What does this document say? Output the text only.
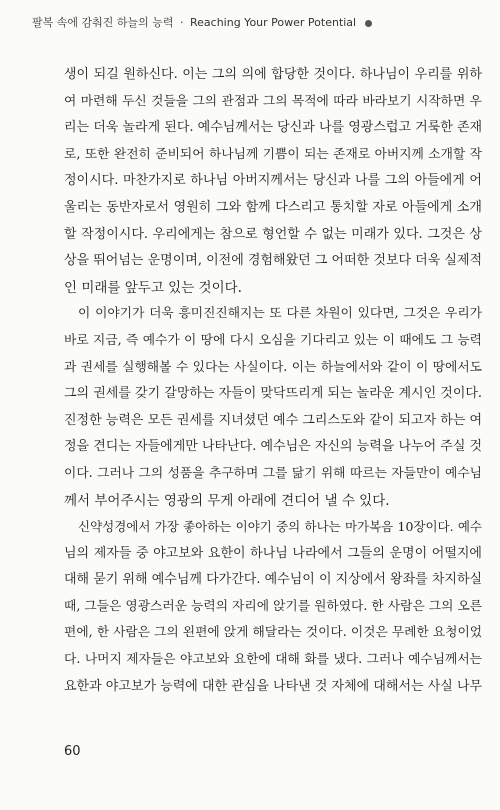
팔복 속에 감춰진 하늘의 능력 · Reaching Your Power Potential
생이 되길 원하신다. 이는 그의 의에 합당한 것이다. 하나님이 우리를 위하
여 마련해 두신 것들을 그의 관점과 그의 목적에 따라 바라보기 시작하면 우
리는 더욱 놀라게 된다. 예수님께서는 당신과 나를 영광스럽고 거룩한 존재
로, 또한 완전히 준비되어 하나님께 기쁨이 되는 존재로 아버지께 소개할 작
정이시다. 마찬가지로 하나님 아버지께서는 당신과 나를 그의 아들에게 어
울리는 동반자로서 영원히 그와 함께 다스리고 통치할 자로 아들에게 소개
할 작정이시다. 우리에게는 참으로 형언할 수 없는 미래가 있다. 그것은 상
상을 뛰어넘는 운명이며, 이전에 경험해왔던 그 어떠한 것보다 더욱 실제적
인 미래를 앞두고 있는 것이다.
이 이야기가 더욱 흥미진진해지는 또 다른 차원이 있다면, 그것은 우리가
바로 지금, 즉 예수가 이 땅에 다시 오심을 기다리고 있는 이 때에도 그 능력
과 권세를 실행해볼 수 있다는 사실이다. 이는 하늘에서와 같이 이 땅에서도
그의 권세를 갖기 갈망하는 자들이 맞닥뜨리게 되는 놀라운 계시인 것이다.
진정한 능력은 모든 권세를 지녀셨던 예수 그리스도와 같이 되고자 하는 여
정을 견디는 자들에게만 나타난다. 예수님은 자신의 능력을 나누어 주실 것
이다. 그러나 그의 성품을 추구하며 그를 닮기 위해 따르는 자들만이 예수님
께서 부어주시는 영광의 무게 아래에 견디어 낼 수 있다.
신약성경에서 가장 좋아하는 이야기 중의 하나는 마가복음 10장이다. 예수
님의 제자들 중 야고보와 요한이 하나님 나라에서 그들의 운명이 어떨지에
대해 묻기 위해 예수님께 다가간다. 예수님이 이 지상에서 왕좌를 차지하실
때, 그들은 영광스러운 능력의 자리에 앉기를 원하였다. 한 사람은 그의 오른
편에, 한 사람은 그의 왼편에 앉게 해달라는 것이다. 이것은 무례한 요청이었
다. 나머지 제자들은 야고보와 요한에 대해 화를 냈다. 그러나 예수님께서는
요한과 야고보가 능력에 대한 관심을 나타낸 것 자체에 대해서는 사실 나무
60
